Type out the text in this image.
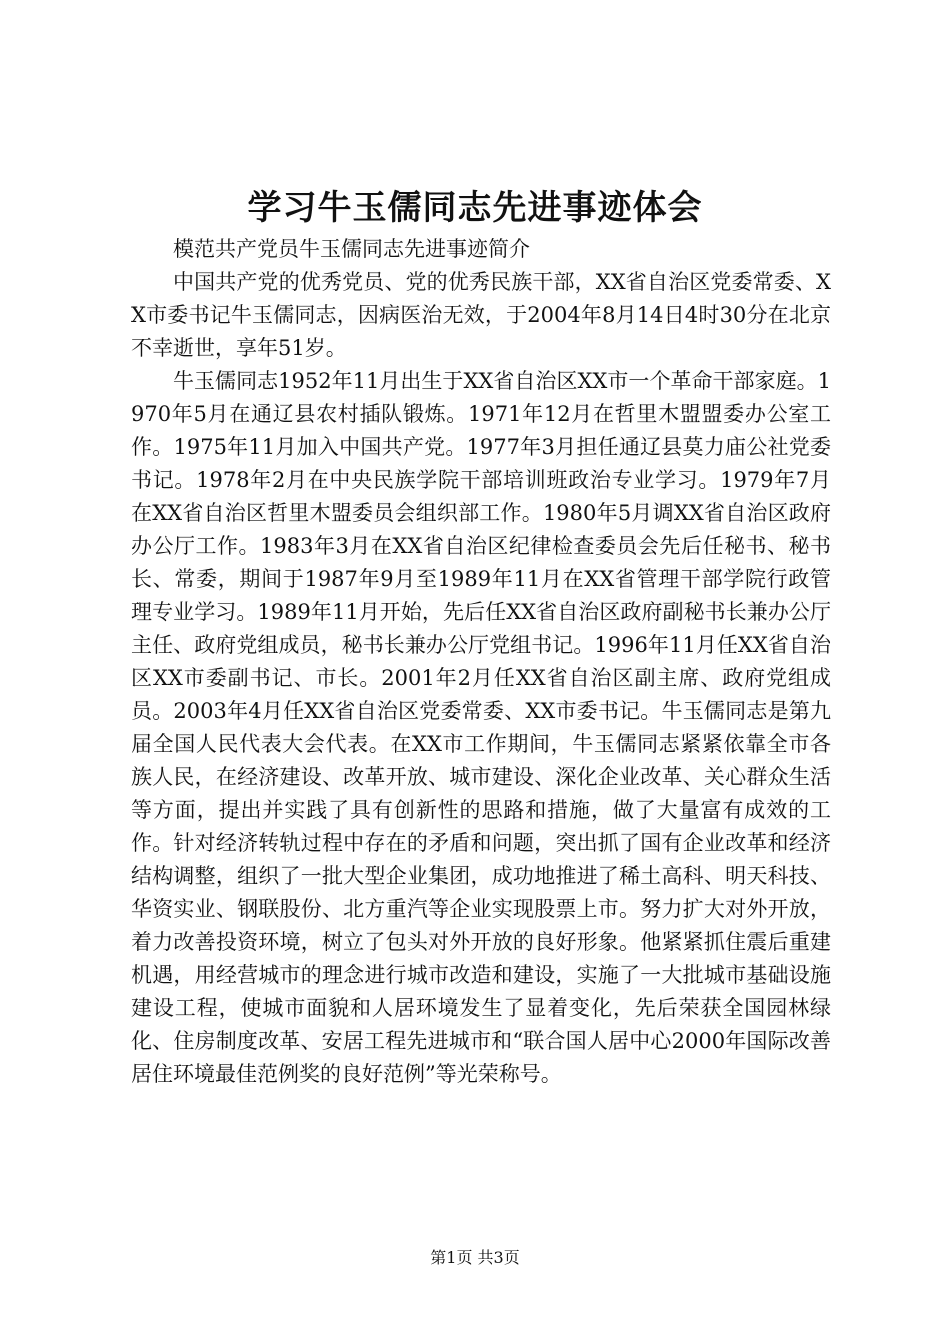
学习牛玉儒同志先进事迹体会

模范共产党员牛玉儒同志先进事迹简介

中国共产党的优秀党员、党的优秀民族干部，XX省自治区党委常委、XX市委书记牛玉儒同志，因病医治无效，于2004年8月14日4时30分在北京不幸逝世，享年51岁。

牛玉儒同志1952年11月出生于XX省自治区XX市一个革命干部家庭。1970年5月在通辽县农村插队锻炼。1971年12月在哲里木盟盟委办公室工作。1975年11月加入中国共产党。1977年3月担任通辽县莫力庙公社党委书记。1978年2月在中央民族学院干部培训班政治专业学习。1979年7月在XX省自治区哲里木盟委员会组织部工作。1980年5月调XX省自治区政府办公厅工作。1983年3月在XX省自治区纪律检查委员会先后任秘书、秘书长、常委，期间于1987年9月至1989年11月在XX省管理干部学院行政管理专业学习。1989年11月开始，先后任XX省自治区政府副秘书长兼办公厅主任、政府党组成员，秘书长兼办公厅党组书记。1996年11月任XX省自治区XX市委副书记、市长。2001年2月任XX省自治区副主席、政府党组成员。2003年4月任XX省自治区党委常委、XX市委书记。牛玉儒同志是第九届全国人民代表大会代表。在XX市工作期间，牛玉儒同志紧紧依靠全市各族人民，在经济建设、改革开放、城市建设、深化企业改革、关心群众生活等方面，提出并实践了具有创新性的思路和措施，做了大量富有成效的工作。针对经济转轨过程中存在的矛盾和问题，突出抓了国有企业改革和经济结构调整，组织了一批大型企业集团，成功地推进了稀土高科、明天科技、华资实业、钢联股份、北方重汽等企业实现股票上市。努力扩大对外开放，着力改善投资环境，树立了包头对外开放的良好形象。他紧紧抓住震后重建机遇，用经营城市的理念进行城市改造和建设，实施了一大批城市基础设施建设工程，使城市面貌和人居环境发生了显着变化，先后荣获全国园林绿化、住房制度改革、安居工程先进城市和“联合国人居中心2000年国际改善居住环境最佳范例奖的良好范例”等光荣称号。

第1页 共3页
